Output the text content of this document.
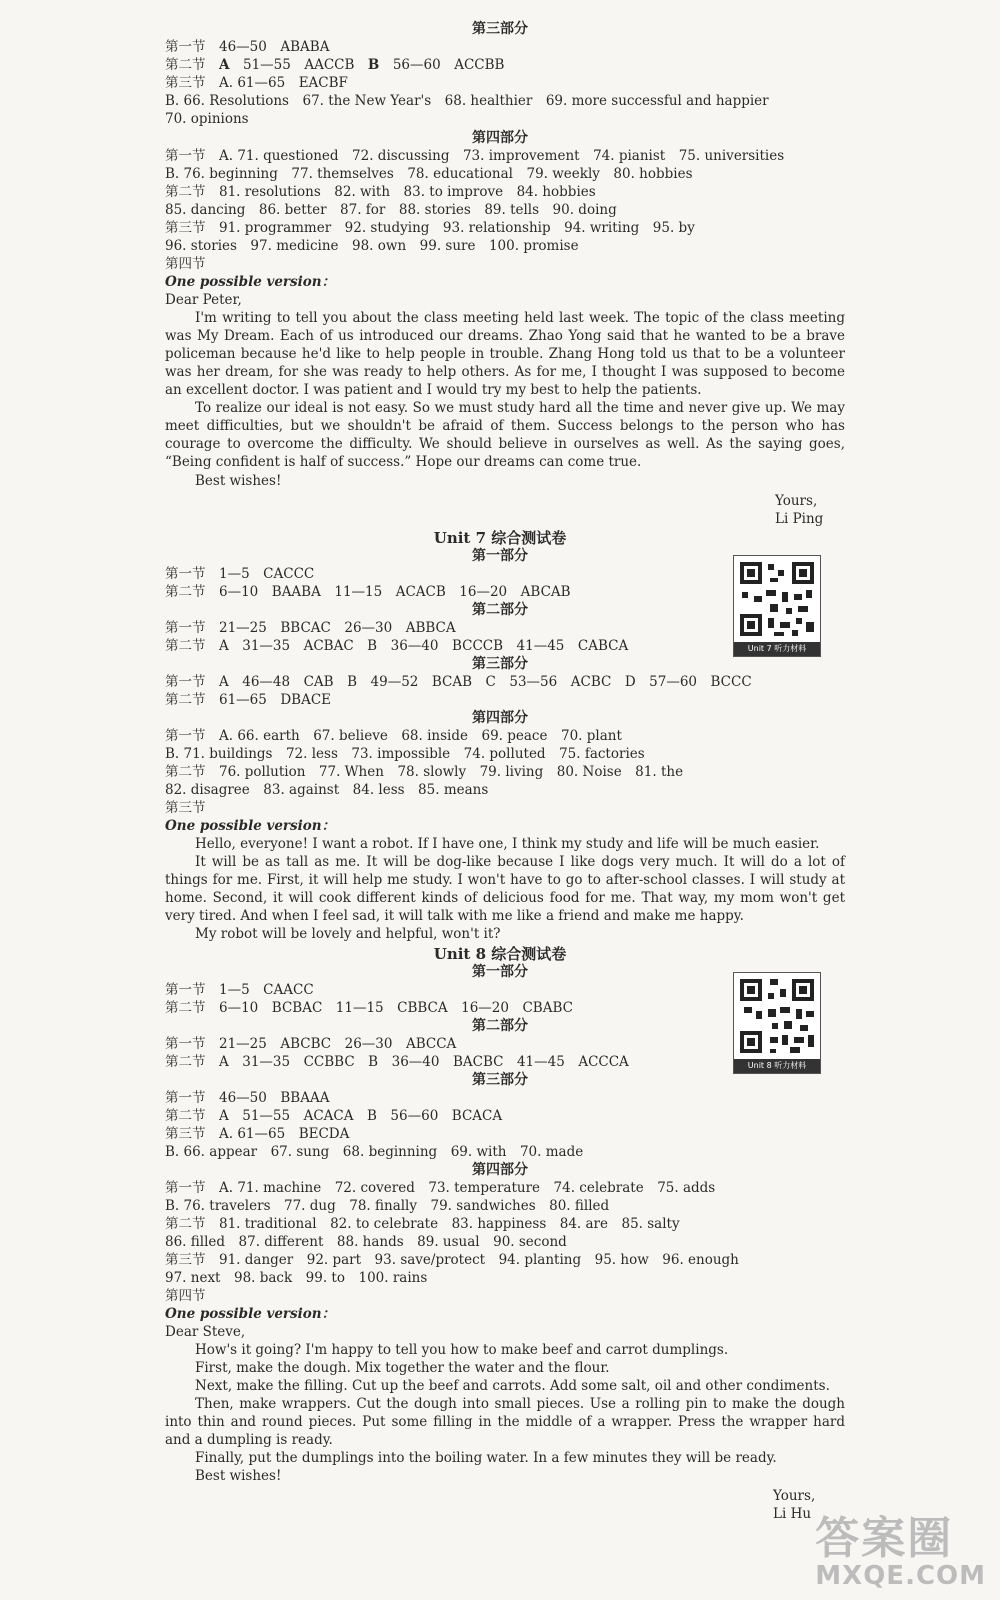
第三部分
第一节　46—50　ABABA
第二节　A　51—55　AACCB　B　56—60　ACCBB
第三节　A. 61—65　EACBF
B. 66. Resolutions　67. the New Year's　68. healthier　69. more successful and happier
70. opinions
第四部分
第一节　A. 71. questioned　72. discussing　73. improvement　74. pianist　75. universities
B. 76. beginning　77. themselves　78. educational　79. weekly　80. hobbies
第二节　81. resolutions　82. with　83. to improve　84. hobbies
85. dancing　86. better　87. for　88. stories　89. tells　90. doing
第三节　91. programmer　92. studying　93. relationship　94. writing　95. by
96. stories　97. medicine　98. own　99. sure　100. promise
第四节
One possible version：
Dear Peter,
I'm writing to tell you about the class meeting held last week. The topic of the class meeting was My Dream. Each of us introduced our dreams. Zhao Yong said that he wanted to be a brave policeman because he'd like to help people in trouble. Zhang Hong told us that to be a volunteer was her dream, for she was ready to help others. As for me, I thought I was supposed to become an excellent doctor. I was patient and I would try my best to help the patients.
To realize our ideal is not easy. So we must study hard all the time and never give up. We may meet difficulties, but we shouldn't be afraid of them. Success belongs to the person who has courage to overcome the difficulty. We should believe in ourselves as well. As the saying goes, “Being confident is half of success.” Hope our dreams can come true.
Best wishes!
Yours,
Li Ping
Unit 7 综合测试卷
第一部分
第一节　1—5　CACCC
第二节　6—10　BAABA　11—15　ACACB　16—20　ABCAB
第二部分
第一节　21—25　BBCAC　26—30　ABBCA
第二节　A　31—35　ACBAC　B　36—40　BCCCB　41—45　CABCA
第三部分
第一节　A　46—48　CAB　B　49—52　BCAB　C　53—56　ACBC　D　57—60　BCCC
第二节　61—65　DBACE
第四部分
第一节　A. 66. earth　67. believe　68. inside　69. peace　70. plant
B. 71. buildings　72. less　73. impossible　74. polluted　75. factories
第二节　76. pollution　77. When　78. slowly　79. living　80. Noise　81. the
82. disagree　83. against　84. less　85. means
第三节
One possible version：
Hello, everyone! I want a robot. If I have one, I think my study and life will be much easier.
It will be as tall as me. It will be dog-like because I like dogs very much. It will do a lot of things for me. First, it will help me study. I won't have to go to after-school classes. I will study at home. Second, it will cook different kinds of delicious food for me. That way, my mom won't get very tired. And when I feel sad, it will talk with me like a friend and make me happy.
My robot will be lovely and helpful, won't it?
Unit 7 听力材料
Unit 8 综合测试卷
第一部分
第一节　1—5　CAACC
第二节　6—10　BCBAC　11—15　CBBCA　16—20　CBABC
第二部分
第一节　21—25　ABCBC　26—30　ABCCA
第二节　A　31—35　CCBBC　B　36—40　BACBC　41—45　ACCCA
第三部分
第一节　46—50　BBAAA
第二节　A　51—55　ACACA　B　56—60　BCACA
第三节　A. 61—65　BECDA
B. 66. appear　67. sung　68. beginning　69. with　70. made
第四部分
第一节　A. 71. machine　72. covered　73. temperature　74. celebrate　75. adds
B. 76. travelers　77. dug　78. finally　79. sandwiches　80. filled
第二节　81. traditional　82. to celebrate　83. happiness　84. are　85. salty
86. filled　87. different　88. hands　89. usual　90. second
第三节　91. danger　92. part　93. save/protect　94. planting　95. how　96. enough
97. next　98. back　99. to　100. rains
第四节
One possible version：
Dear Steve,
How's it going? I'm happy to tell you how to make beef and carrot dumplings.
First, make the dough. Mix together the water and the flour.
Next, make the filling. Cut up the beef and carrots. Add some salt, oil and other condiments.
Then, make wrappers. Cut the dough into small pieces. Use a rolling pin to make the dough into thin and round pieces. Put some filling in the middle of a wrapper. Press the wrapper hard and a dumpling is ready.
Finally, put the dumplings into the boiling water. In a few minutes they will be ready.
Best wishes!
Yours,
Li Hu
Unit 8 听力材料
答案圈
MXQE.COM
